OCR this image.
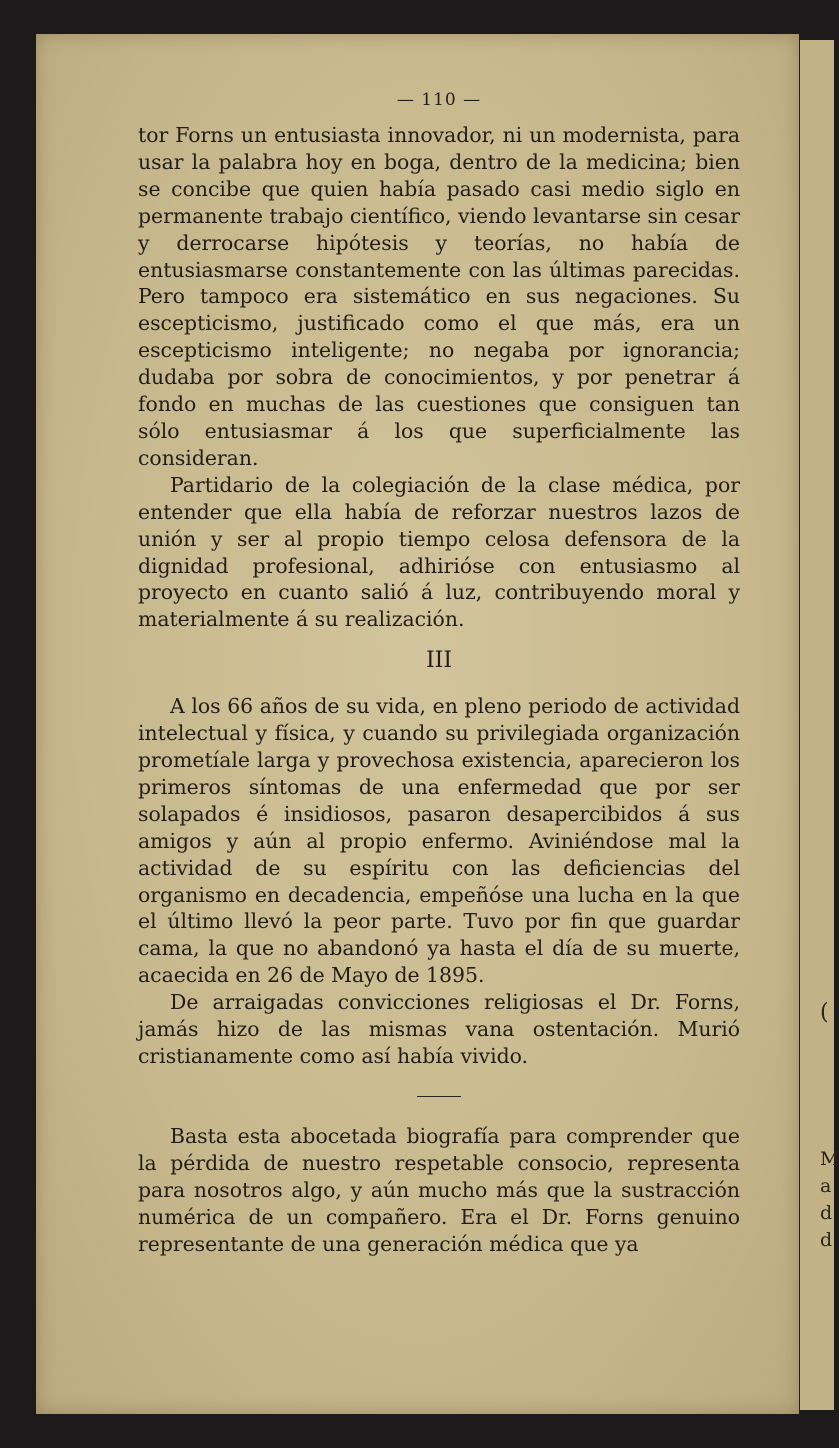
(
M
a
d
d
— 110 —

tor Forns un entusiasta innovador, ni un modernista, para usar la palabra hoy en boga, dentro de la medicina; bien se concibe que quien había pasado casi medio siglo en permanente trabajo científico, viendo levantarse sin cesar y derrocarse hipótesis y teorías, no había de entusiasmarse constantemente con las últimas parecidas. Pero tampoco era sistemático en sus negaciones. Su escepticismo, justificado como el que más, era un escepticismo inteligente; no negaba por ignorancia; dudaba por sobra de conocimientos, y por penetrar á fondo en muchas de las cuestiones que consiguen tan sólo entusiasmar á los que superficialmente las consideran.

Partidario de la colegiación de la clase médica, por entender que ella había de reforzar nuestros lazos de unión y ser al propio tiempo celosa defensora de la dignidad profesional, adhirióse con entusiasmo al proyecto en cuanto salió á luz, contribuyendo moral y materialmente á su realización.

III

A los 66 años de su vida, en pleno periodo de actividad intelectual y física, y cuando su privilegiada organización prometíale larga y provechosa existencia, aparecieron los primeros síntomas de una enfermedad que por ser solapados é insidiosos, pasaron desapercibidos á sus amigos y aún al propio enfermo. Aviniéndose mal la actividad de su espíritu con las deficiencias del organismo en decadencia, empeñóse una lucha en la que el último llevó la peor parte. Tuvo por fin que guardar cama, la que no abandonó ya hasta el día de su muerte, acaecida en 26 de Mayo de 1895.

De arraigadas convicciones religiosas el Dr. Forns, jamás hizo de las mismas vana ostentación. Murió cristianamente como así había vivido.

Basta esta abocetada biografía para comprender que la pérdida de nuestro respetable consocio, representa para nosotros algo, y aún mucho más que la sustracción numérica de un compañero. Era el Dr. Forns genuino representante de una generación médica que ya
